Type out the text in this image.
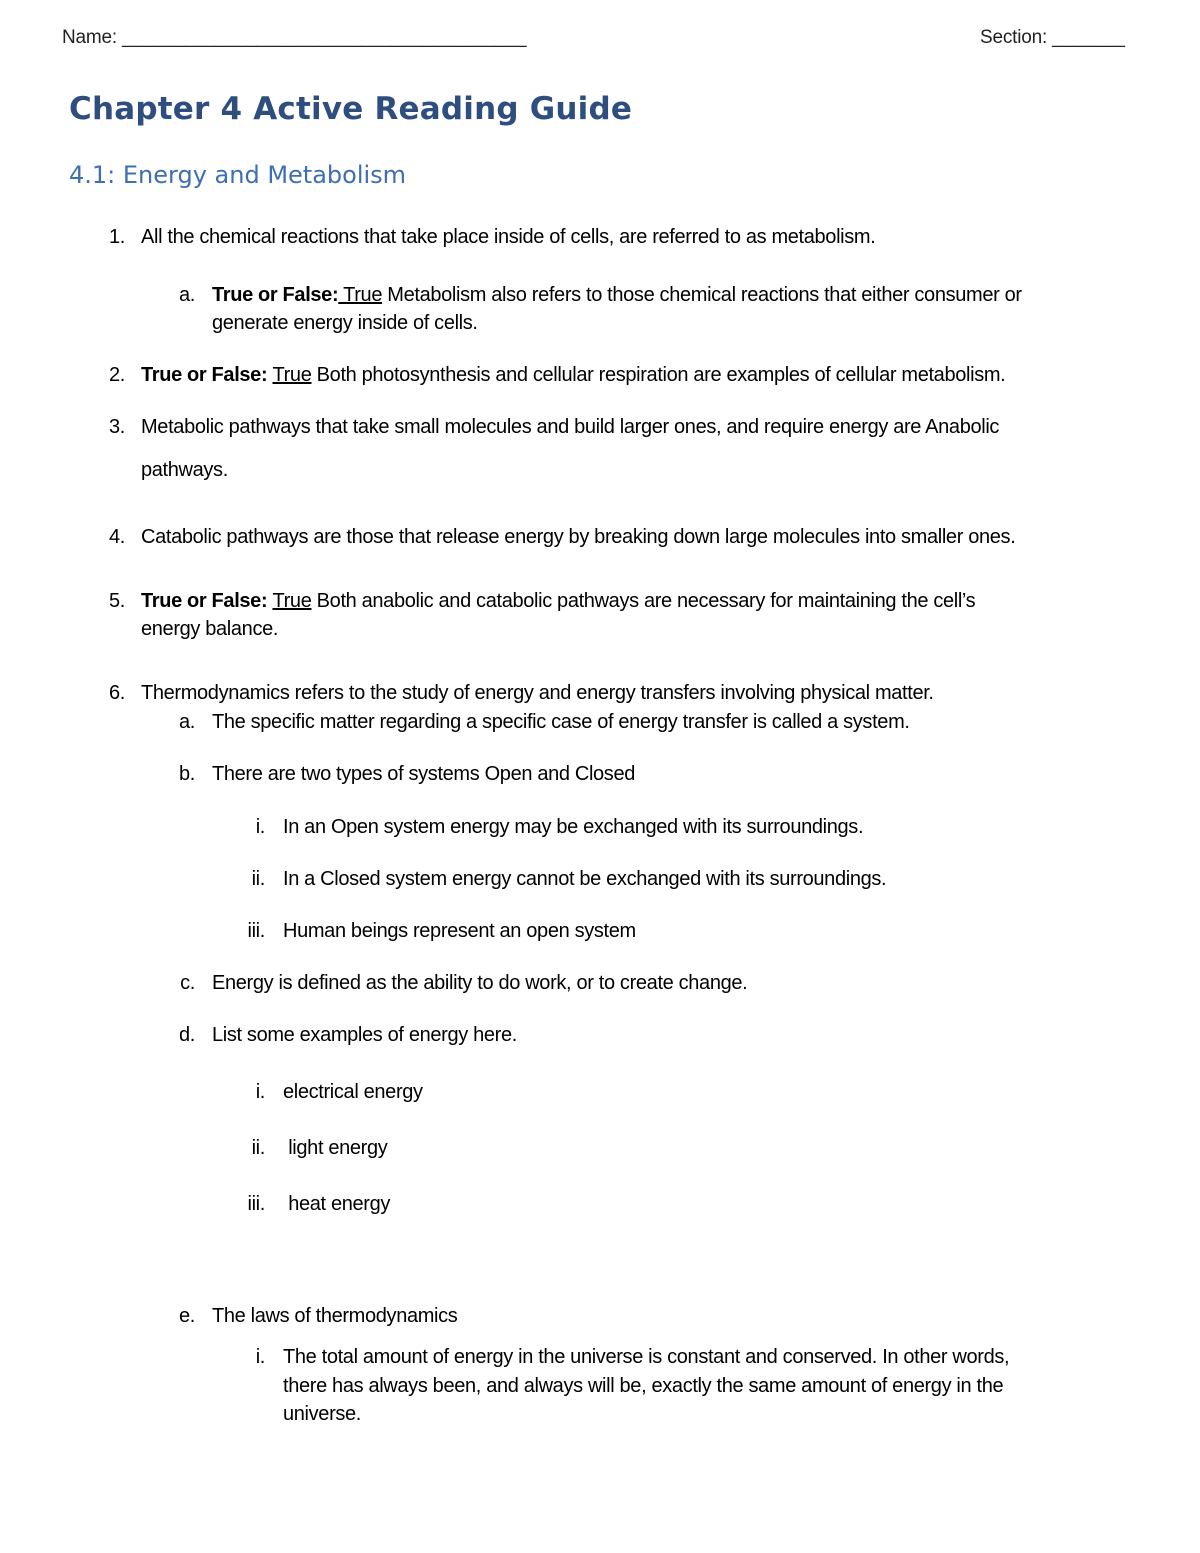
Name: _______________________________________	Section: _______
Chapter 4 Active Reading Guide
4.1: Energy and Metabolism
1. All the chemical reactions that take place inside of cells, are referred to as metabolism.
a. True or False: True Metabolism also refers to those chemical reactions that either consumer or
generate energy inside of cells.
2. True or False: True Both photosynthesis and cellular respiration are examples of cellular metabolism.
3. Metabolic pathways that take small molecules and build larger ones, and require energy are Anabolic
pathways.
4. Catabolic pathways are those that release energy by breaking down large molecules into smaller ones.
5. True or False: True Both anabolic and catabolic pathways are necessary for maintaining the cell’s
energy balance.
6. Thermodynamics refers to the study of energy and energy transfers involving physical matter.
a. The specific matter regarding a specific case of energy transfer is called a system.
b. There are two types of systems Open and Closed
i. In an Open system energy may be exchanged with its surroundings.
ii. In a Closed system energy cannot be exchanged with its surroundings.
iii. Human beings represent an open system
c. Energy is defined as the ability to do work, or to create change.
d. List some examples of energy here.
i. electrical energy
ii. light energy
iii. heat energy
e. The laws of thermodynamics
i. The total amount of energy in the universe is constant and conserved. In other words,
there has always been, and always will be, exactly the same amount of energy in the
universe.
